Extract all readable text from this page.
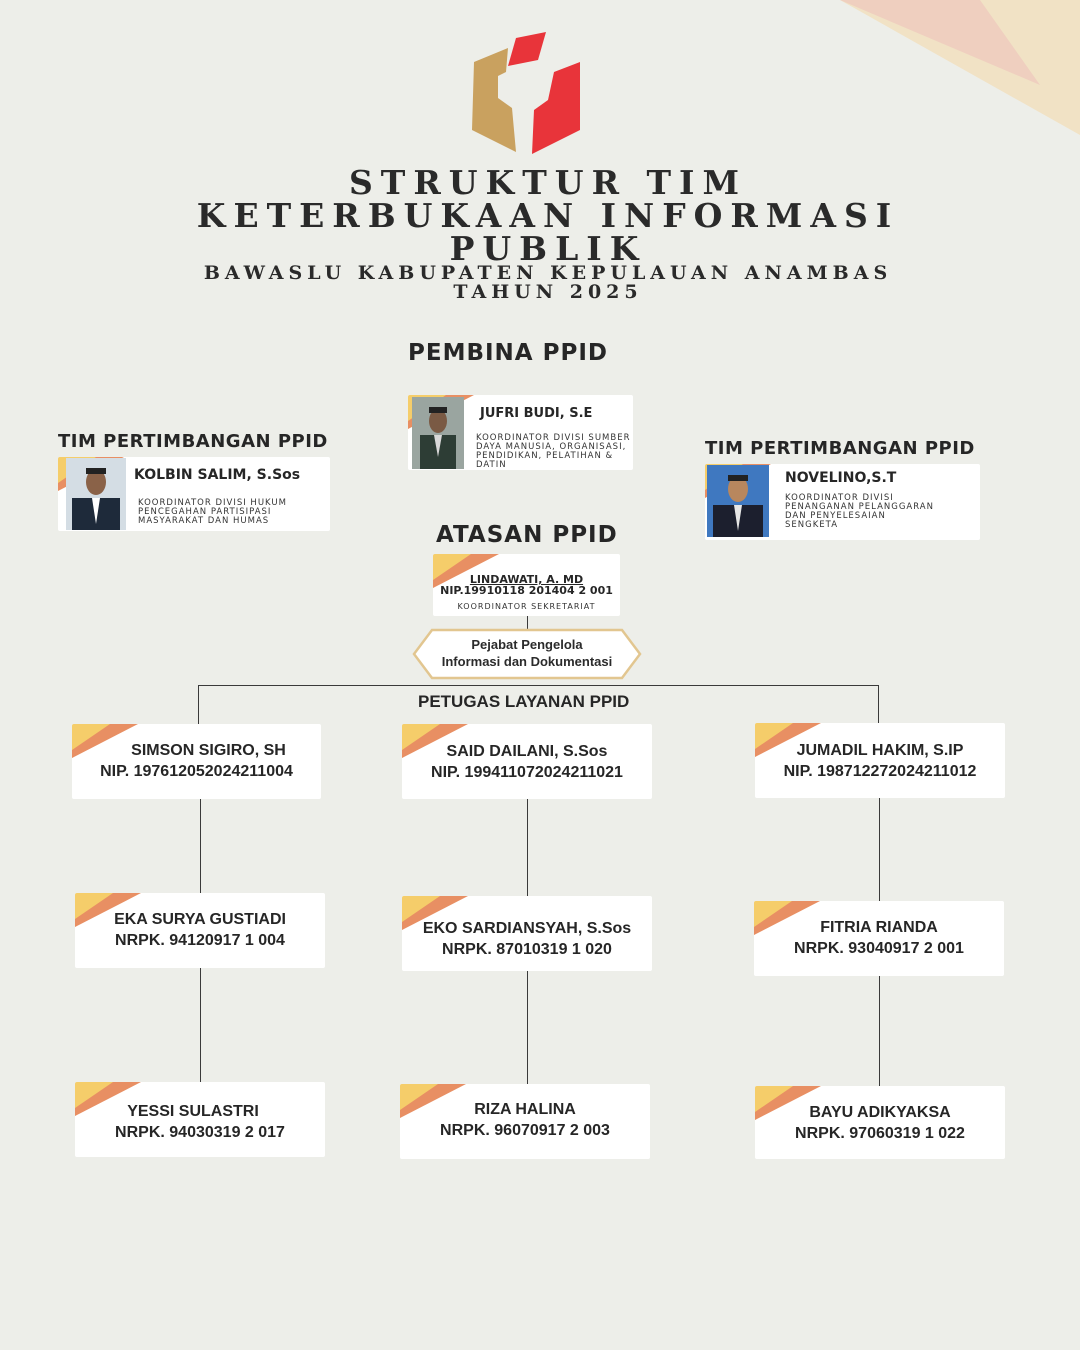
STRUKTUR TIM KETERBUKAAN INFORMASI PUBLIK
BAWASLU KABUPATEN KEPULAUAN ANAMBAS
TAHUN 2025
PEMBINA PPID
JUFRI BUDI, S.E
KOORDINATOR DIVISI SUMBER DAYA MANUSIA, ORGANISASI, PENDIDIKAN, PELATIHAN & DATIN
TIM PERTIMBANGAN PPID
KOLBIN SALIM, S.Sos
KOORDINATOR DIVISI HUKUM PENCEGAHAN PARTISIPASI MASYARAKAT DAN HUMAS
TIM PERTIMBANGAN PPID
NOVELINO,S.T
KOORDINATOR DIVISI PENANGANAN PELANGGARAN DAN PENYELESAIAN SENGKETA
ATASAN PPID
LINDAWATI, A. MD
NIP.19910118 201404 2 001
KOORDINATOR SEKRETARIAT
Pejabat Pengelola
Informasi dan Dokumentasi
PETUGAS LAYANAN PPID
SIMSON SIGIRO, SH
NIP. 197612052024211004
SAID DAILANI, S.Sos
NIP. 199411072024211021
JUMADIL HAKIM, S.IP
NIP. 198712272024211012
EKA SURYA GUSTIADI
NRPK. 94120917 1 004
EKO SARDIANSYAH, S.Sos
NRPK. 87010319 1 020
FITRIA RIANDA
NRPK. 93040917 2 001
YESSI SULASTRI
NRPK. 94030319 2 017
RIZA HALINA
NRPK. 96070917 2 003
BAYU ADIKYAKSA
NRPK. 97060319 1 022
